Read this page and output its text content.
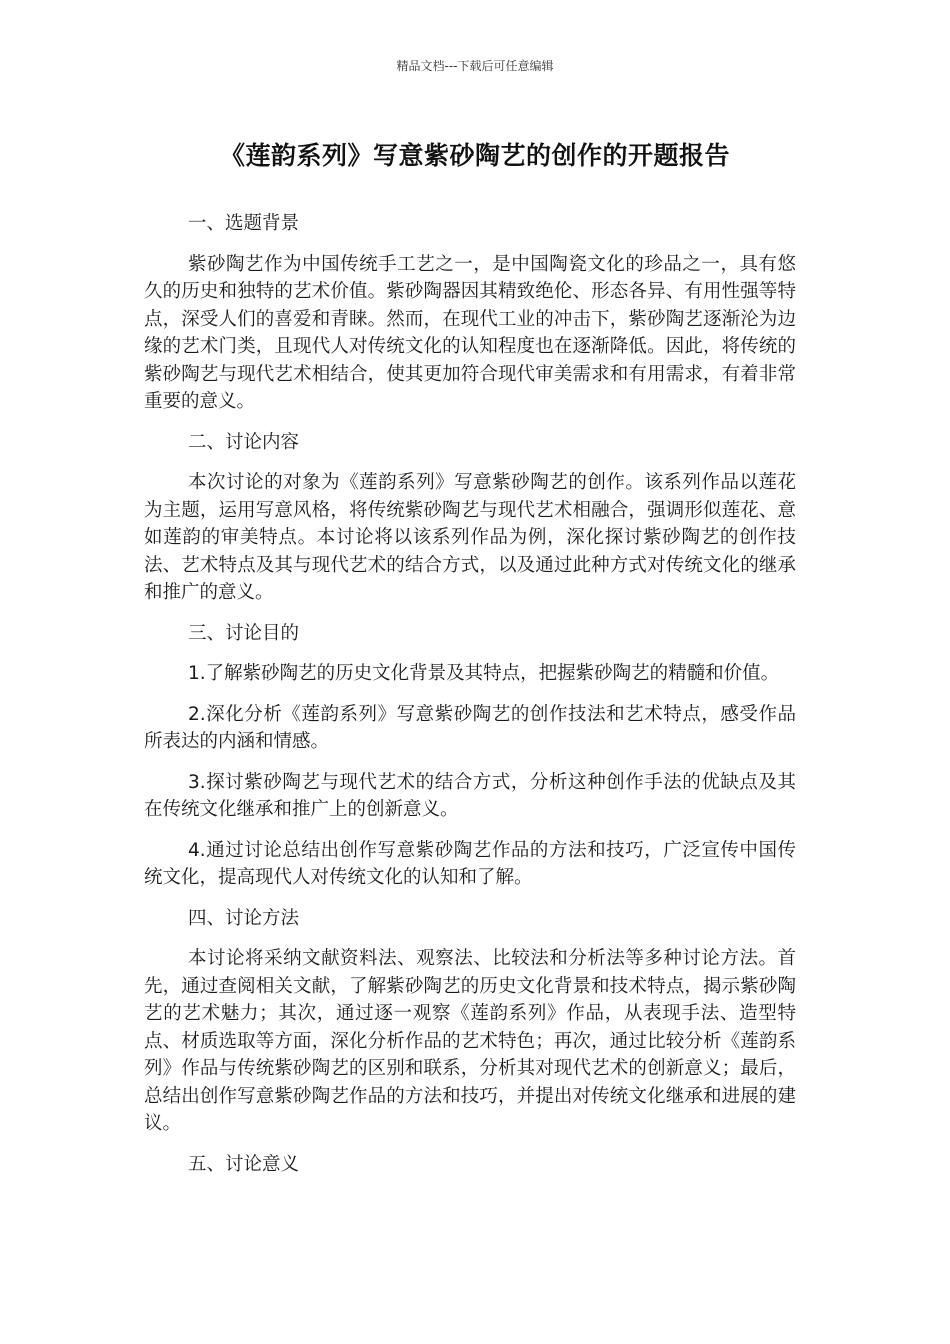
精品文档---下载后可任意编辑
《莲韵系列》写意紫砂陶艺的创作的开题报告
一、选题背景
紫砂陶艺作为中国传统手工艺之一，是中国陶瓷文化的珍品之一，具有悠久的历史和独特的艺术价值。紫砂陶器因其精致绝伦、形态各异、有用性强等特点，深受人们的喜爱和青睐。然而，在现代工业的冲击下，紫砂陶艺逐渐沦为边缘的艺术门类，且现代人对传统文化的认知程度也在逐渐降低。因此，将传统的紫砂陶艺与现代艺术相结合，使其更加符合现代审美需求和有用需求，有着非常重要的意义。
二、讨论内容
本次讨论的对象为《莲韵系列》写意紫砂陶艺的创作。该系列作品以莲花为主题，运用写意风格，将传统紫砂陶艺与现代艺术相融合，强调形似莲花、意如莲韵的审美特点。本讨论将以该系列作品为例，深化探讨紫砂陶艺的创作技法、艺术特点及其与现代艺术的结合方式，以及通过此种方式对传统文化的继承和推广的意义。
三、讨论目的
1.了解紫砂陶艺的历史文化背景及其特点，把握紫砂陶艺的精髓和价值。
2.深化分析《莲韵系列》写意紫砂陶艺的创作技法和艺术特点，感受作品所表达的内涵和情感。
3.探讨紫砂陶艺与现代艺术的结合方式，分析这种创作手法的优缺点及其在传统文化继承和推广上的创新意义。
4.通过讨论总结出创作写意紫砂陶艺作品的方法和技巧，广泛宣传中国传统文化，提高现代人对传统文化的认知和了解。
四、讨论方法
本讨论将采纳文献资料法、观察法、比较法和分析法等多种讨论方法。首先，通过查阅相关文献，了解紫砂陶艺的历史文化背景和技术特点，揭示紫砂陶艺的艺术魅力；其次，通过逐一观察《莲韵系列》作品，从表现手法、造型特点、材质选取等方面，深化分析作品的艺术特色；再次，通过比较分析《莲韵系列》作品与传统紫砂陶艺的区别和联系，分析其对现代艺术的创新意义；最后，总结出创作写意紫砂陶艺作品的方法和技巧，并提出对传统文化继承和进展的建议。
五、讨论意义
